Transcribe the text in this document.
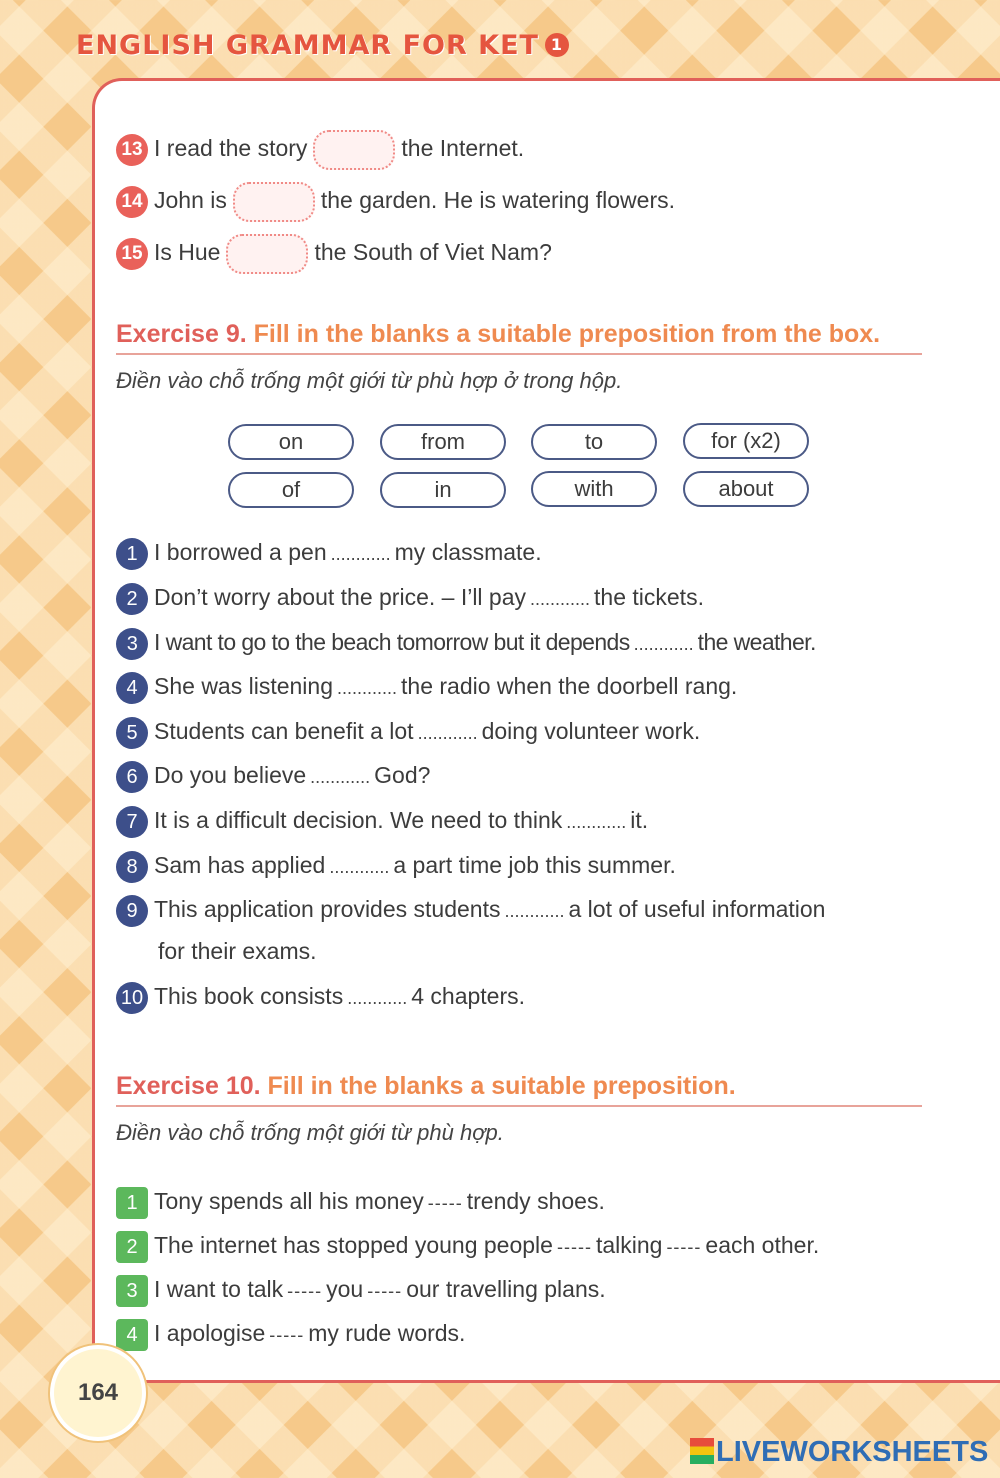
ENGLISH GRAMMAR FOR KET 1
13 I read the story	the Internet.
14 John is	the garden. He is watering flowers.
15 Is Hue	the South of Viet Nam?
Exercise 9. Fill in the blanks a suitable preposition from the box.
Điền vào chỗ trống một giới từ phù hợp ở trong hộp.
on	from	to	for (x2)
of	in	with	about
1 I borrowed a pen ............ my classmate.
2 Don’t worry about the price. – I’ll pay ............ the tickets.
3 I want to go to the beach tomorrow but it depends ............ the weather.
4 She was listening ............ the radio when the doorbell rang.
5 Students can benefit a lot ............ doing volunteer work.
6 Do you believe ............ God?
7 It is a difficult decision. We need to think ............ it.
8 Sam has applied ............ a part time job this summer.
9 This application provides students ............ a lot of useful information
for their exams.
10 This book consists ............ 4 chapters.
Exercise 10. Fill in the blanks a suitable preposition.
Điền vào chỗ trống một giới từ phù hợp.
1 Tony spends all his money ----- trendy shoes.
2 The internet has stopped young people ----- talking ----- each other.
3 I want to talk ----- you ----- our travelling plans.
4 I apologise ----- my rude words.
164
LIVEWORKSHEETS
